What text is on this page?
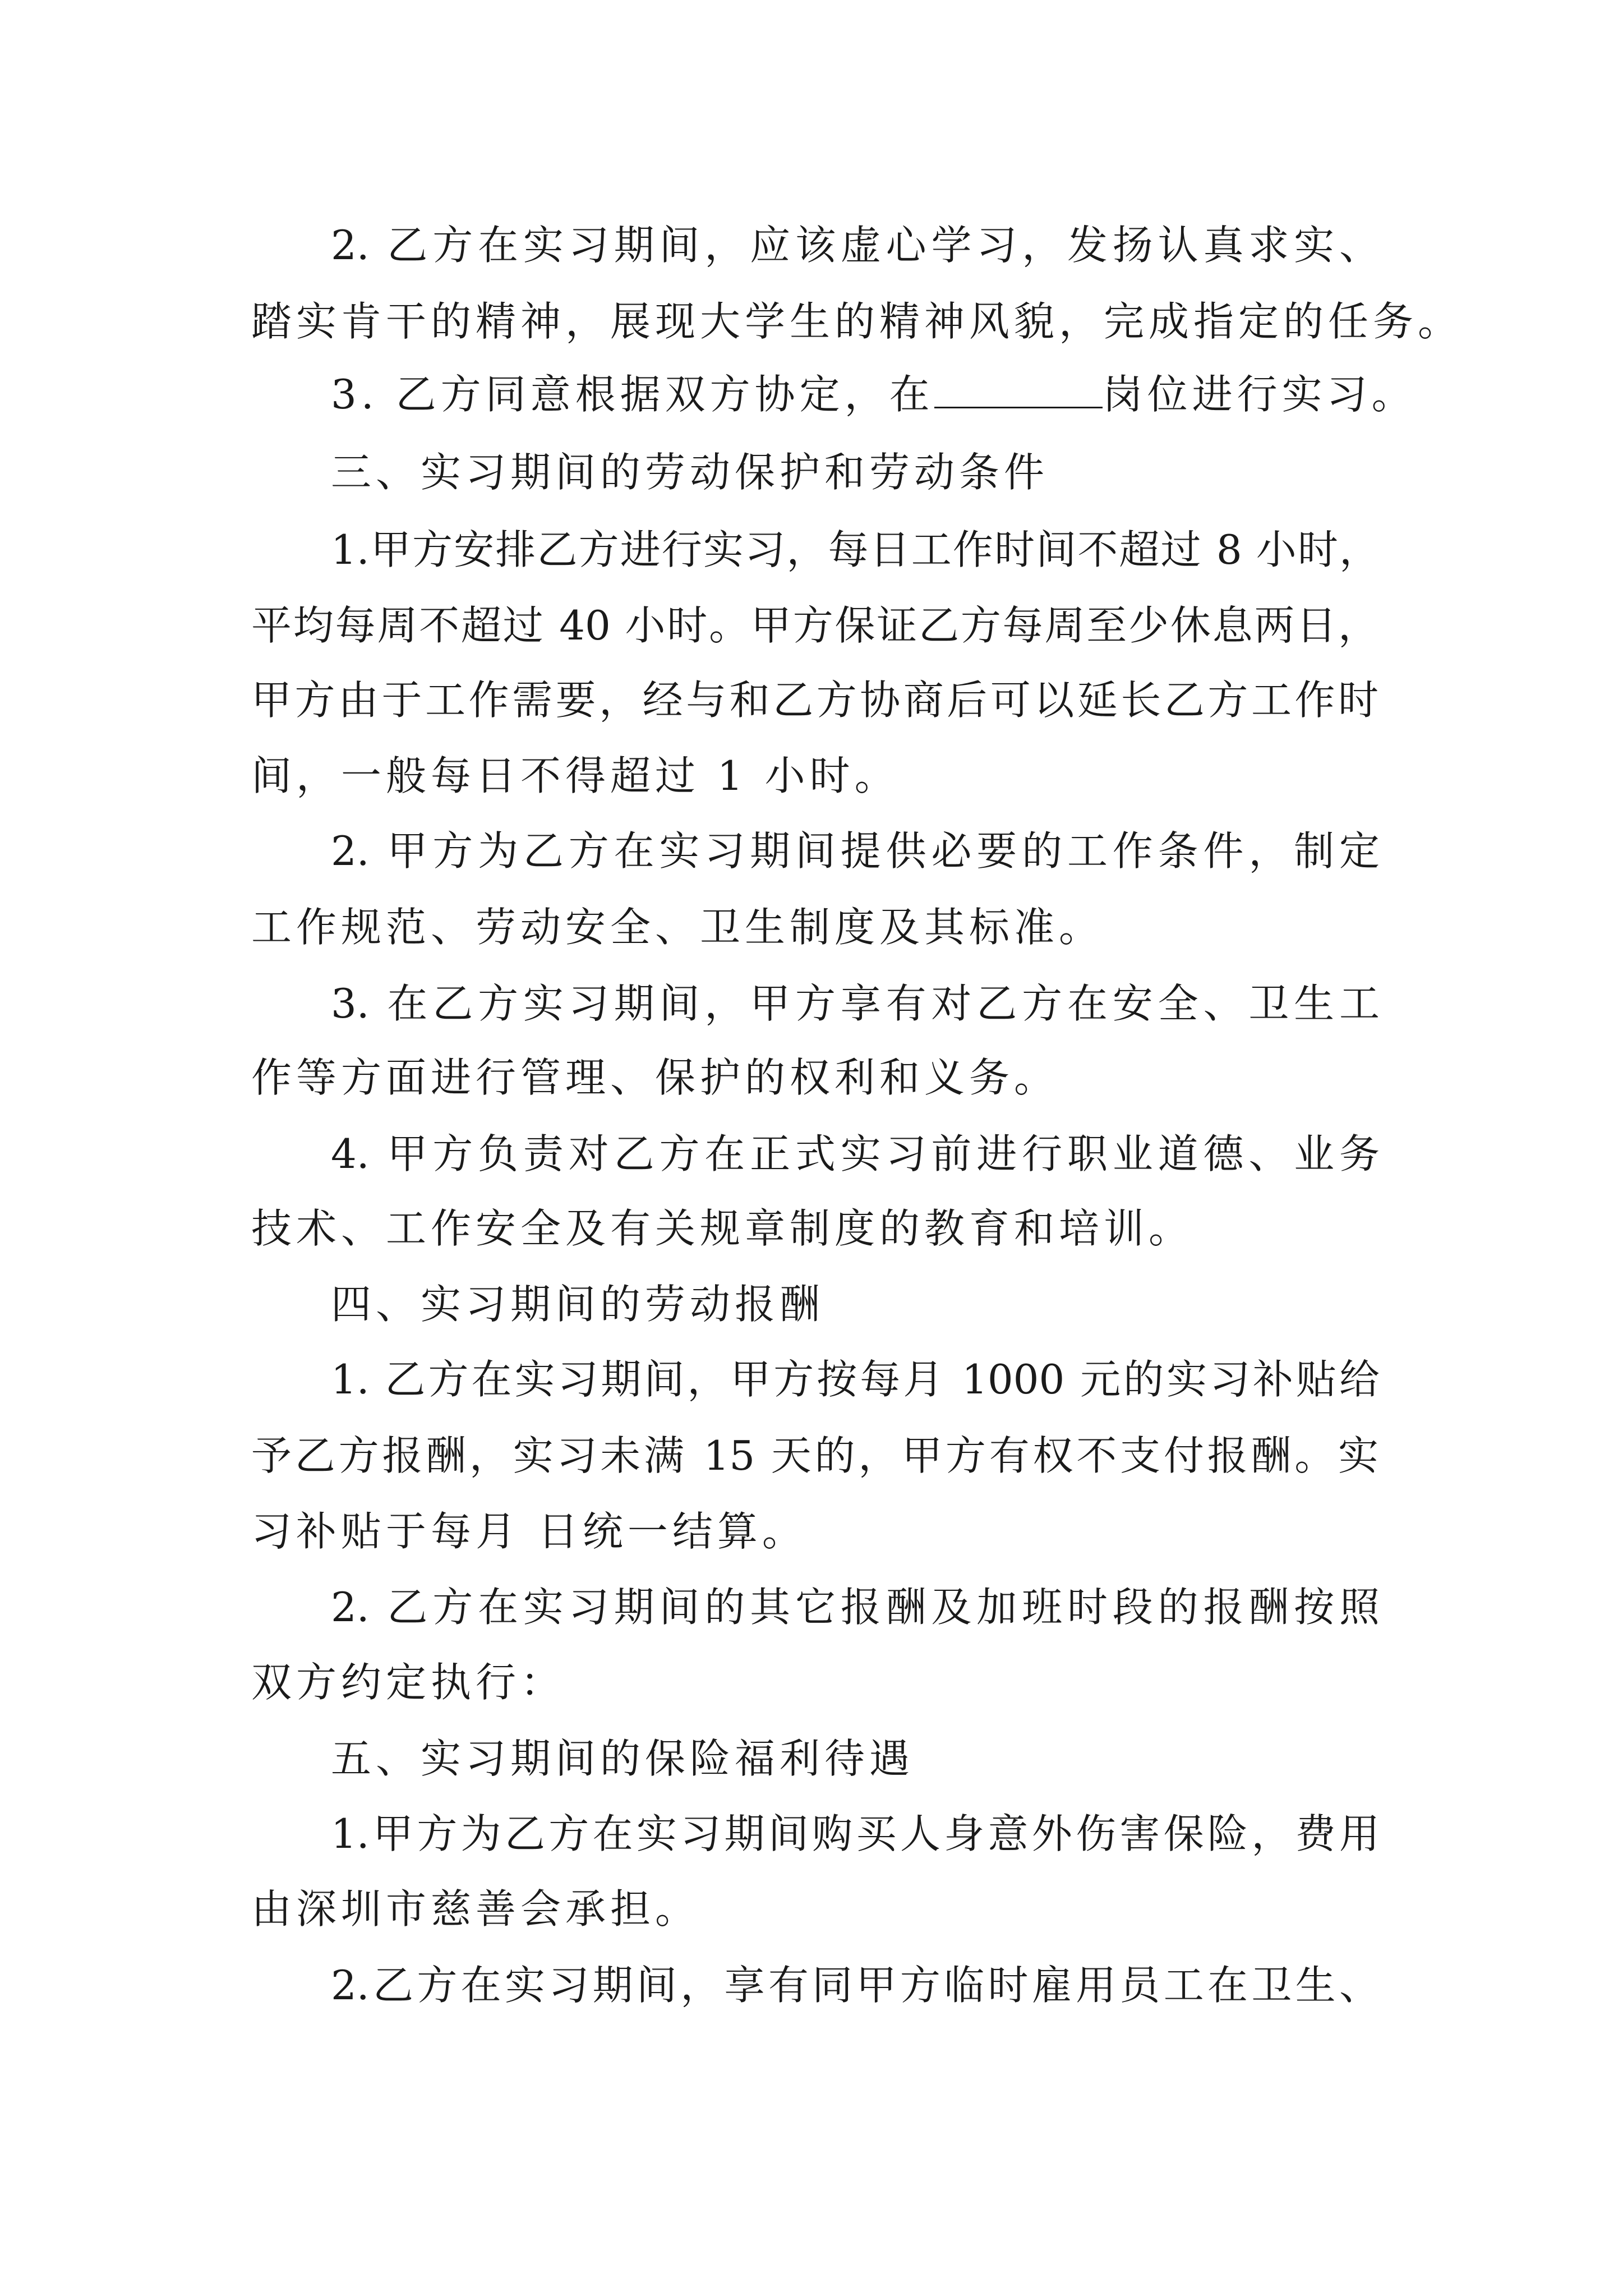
2. 乙方在实习期间，应该虚心学习，发扬认真求实、
踏实肯干的精神，展现大学生的精神风貌，完成指定的任务。
3. 乙方同意根据双方协定，在	岗位进行实习。
三、实习期间的劳动保护和劳动条件
1.甲方安排乙方进行实习，每日工作时间不超过 8 小时，
平均每周不超过 40 小时。甲方保证乙方每周至少休息两日，
甲方由于工作需要，经与和乙方协商后可以延长乙方工作时
间，一般每日不得超过 1 小时。
2. 甲方为乙方在实习期间提供必要的工作条件，制定
工作规范、劳动安全、卫生制度及其标准。
3. 在乙方实习期间，甲方享有对乙方在安全、卫生工
作等方面进行管理、保护的权利和义务。
4. 甲方负责对乙方在正式实习前进行职业道德、业务
技术、工作安全及有关规章制度的教育和培训。
四、实习期间的劳动报酬
1. 乙方在实习期间，甲方按每月 1000 元的实习补贴给
予乙方报酬，实习未满 15 天的，甲方有权不支付报酬。实
习补贴于每月 日统一结算。
2. 乙方在实习期间的其它报酬及加班时段的报酬按照
双方约定执行：
五、实习期间的保险福利待遇
1.甲方为乙方在实习期间购买人身意外伤害保险，费用
由深圳市慈善会承担。
2.乙方在实习期间，享有同甲方临时雇用员工在卫生、
